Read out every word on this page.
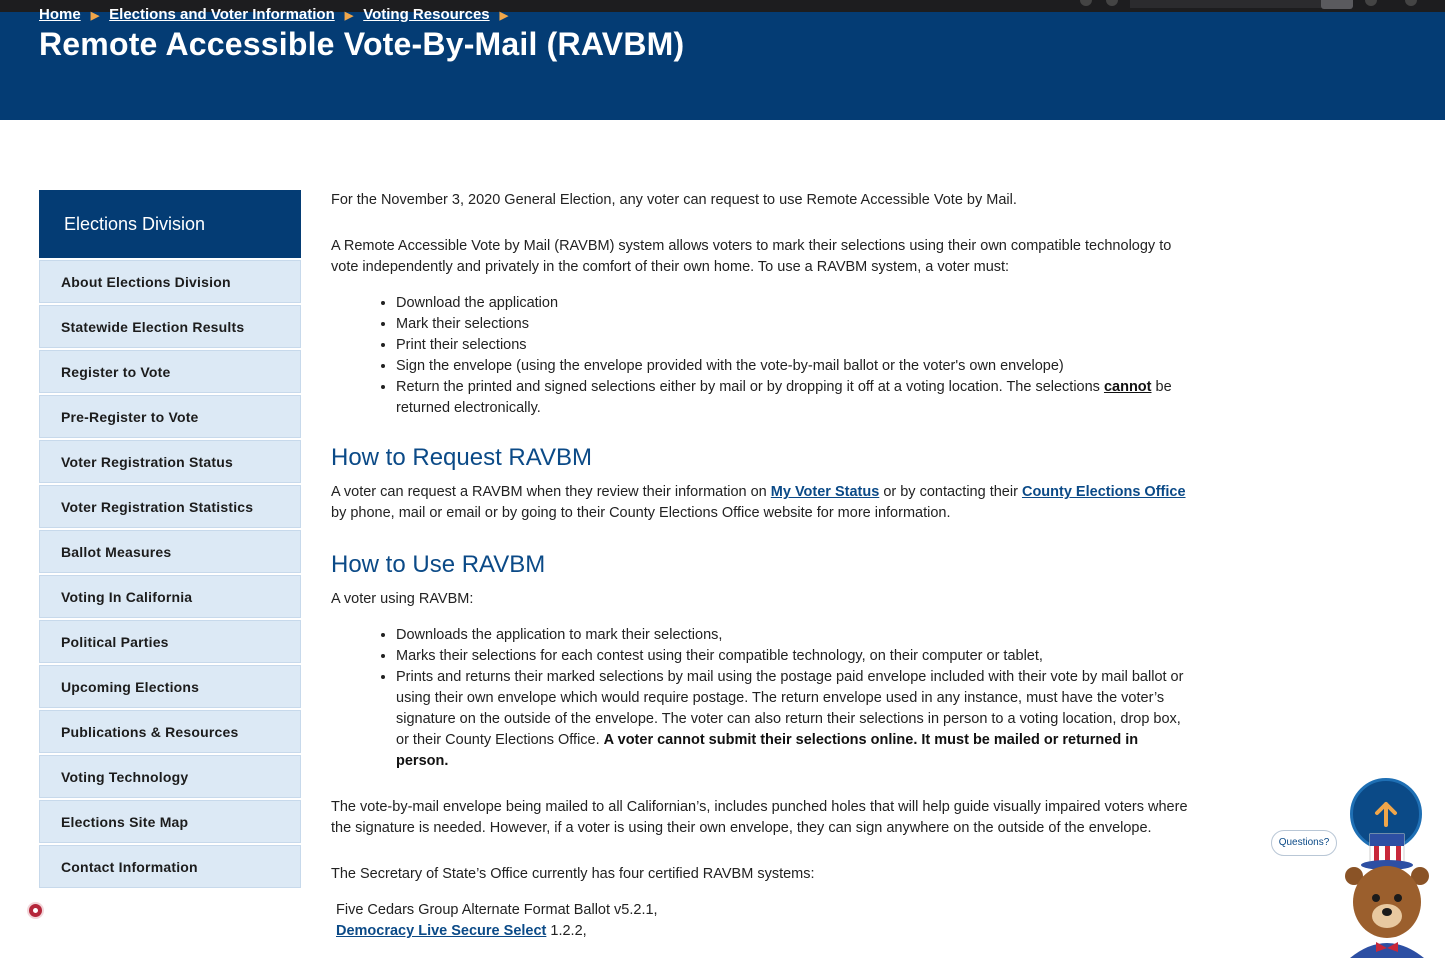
Home ▶ Elections and Voter Information ▶ Voting Resources ▶
Remote Accessible Vote-By-Mail (RAVBM)
Elections Division
About Elections Division
Statewide Election Results
Register to Vote
Pre-Register to Vote
Voter Registration Status
Voter Registration Statistics
Ballot Measures
Voting In California
Political Parties
Upcoming Elections
Publications & Resources
Voting Technology
Elections Site Map
Contact Information

For the November 3, 2020 General Election, any voter can request to use Remote Accessible Vote by Mail.

A Remote Accessible Vote by Mail (RAVBM) system allows voters to mark their selections using their own compatible technology to vote independently and privately in the comfort of their own home. To use a RAVBM system, a voter must:

• Download the application
• Mark their selections
• Print their selections
• Sign the envelope (using the envelope provided with the vote-by-mail ballot or the voter's own envelope)
• Return the printed and signed selections either by mail or by dropping it off at a voting location. The selections cannot be returned electronically.
How to Request RAVBM

A voter can request a RAVBM when they review their information on My Voter Status or by contacting their County Elections Office by phone, mail or email or by going to their County Elections Office website for more information.

How to Use RAVBM

A voter using RAVBM:

• Downloads the application to mark their selections,
• Marks their selections for each contest using their compatible technology, on their computer or tablet,
• Prints and returns their marked selections by mail using the postage paid envelope included with their vote by mail ballot or using their own envelope which would require postage. The return envelope used in any instance, must have the voter’s signature on the outside of the envelope. The voter can also return their selections in person to a voting location, drop box, or their County Elections Office. A voter cannot submit their selections online. It must be mailed or returned in person.

The vote-by-mail envelope being mailed to all Californian’s, includes punched holes that will help guide visually impaired voters where the signature is needed. However, if a voter is using their own envelope, they can sign anywhere on the outside of the envelope.

The Secretary of State’s Office currently has four certified RAVBM systems:

Five Cedars Group Alternate Format Ballot v5.2.1,
Democracy Live Secure Select 1.2.2,
Questions?
